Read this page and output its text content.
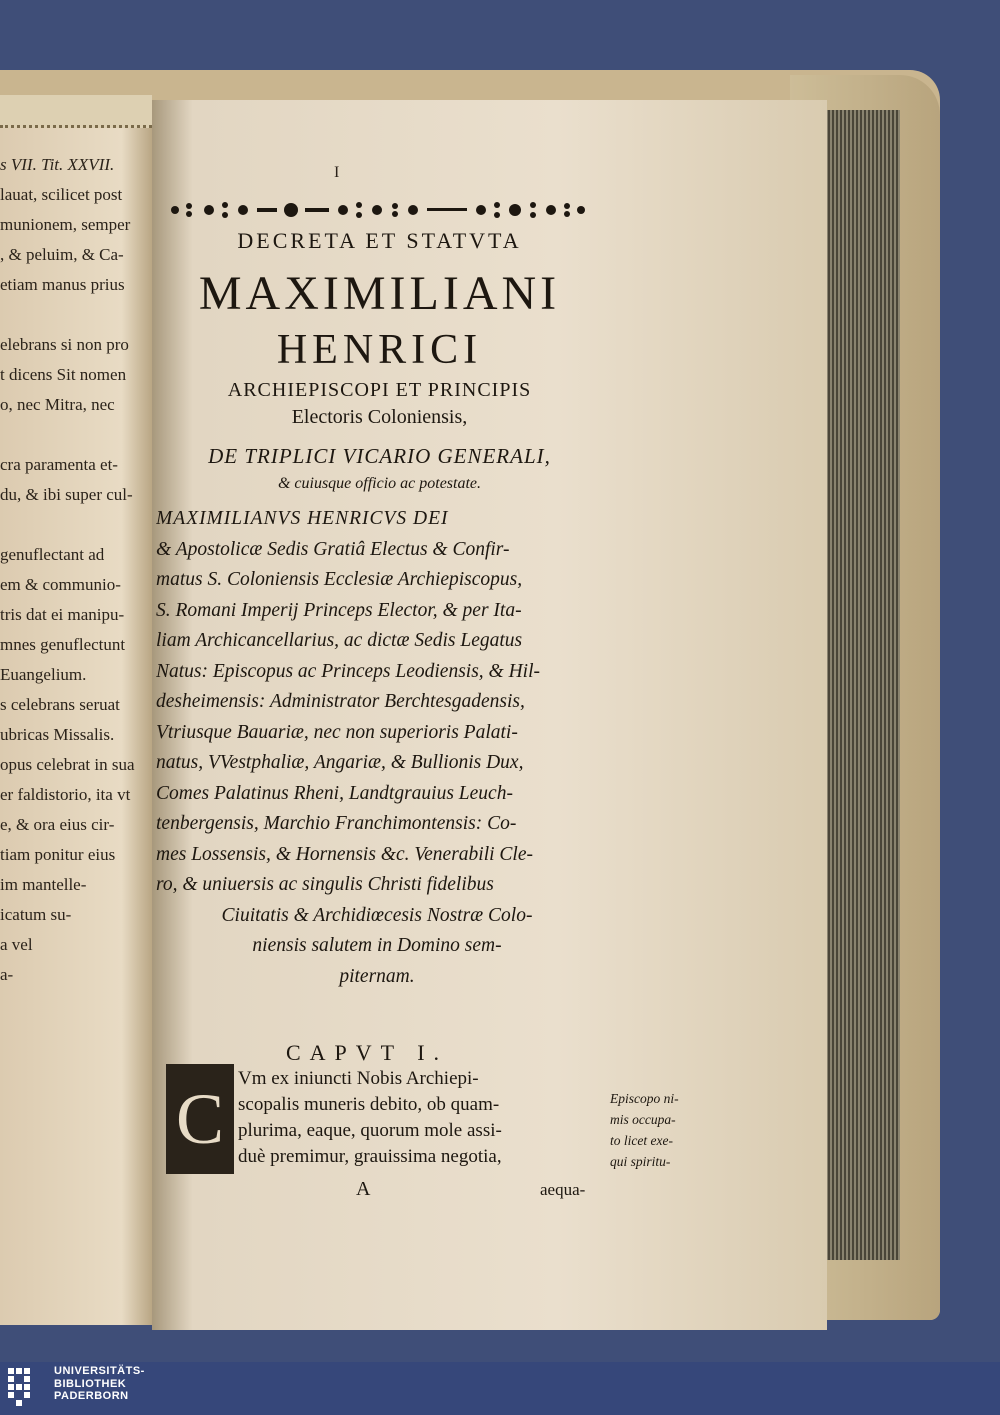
s VII. Tit. XXVII.
lauat, scilicet post
munionem, semper
, & peluim, & Ca-
etiam manus prius
elebrans si non pro
t dicens Sit nomen
o, nec Mitra, nec
cra paramenta et-
du, & ibi super cul-
genuflectant ad
em & communio-
tris dat ei manipu-
mnes genuflectunt
Euangelium.
s celebrans seruat
ubricas Missalis.
opus celebrat in sua
er faldistorio, ita vt
e, & ora eius cir-
tiam ponitur eius
im mantelle-
icatum su-
a vel
a-
I
DECRETA ET STATVTA
MAXIMILIANI
HENRICI
ARCHIEPISCOPI ET PRINCIPIS
Electoris Coloniensis,
DE TRIPLICI VICARIO GENERALI,
& cuiusque officio ac potestate.
MAXIMILIANVS HENRICVS DEI
& Apostolicæ Sedis Gratiâ Electus & Confir-
matus S. Coloniensis Ecclesiæ Archiepiscopus,
S. Romani Imperij Princeps Elector, & per Ita-
liam Archicancellarius, ac dictæ Sedis Legatus
Natus: Episcopus ac Princeps Leodiensis, & Hil-
desheimensis: Administrator Berchtesgadensis,
Vtriusque Bauariæ, nec non superioris Palati-
natus, VVestphaliæ, Angariæ, & Bullionis Dux,
Comes Palatinus Rheni, Landtgrauius Leuch-
tenbergensis, Marchio Franchimontensis: Co-
mes Lossensis, & Hornensis &c. Venerabili Cle-
ro, & uniuersis ac singulis Christi fidelibus
Ciuitatis & Archidiœcesis Nostræ Colo-
niensis salutem in Domino sem-
piternam.
CAPVT I.
C
Vm ex iniuncti Nobis Archiepi-
scopalis muneris debito, ob quam-
plurima, eaque, quorum mole assi-
duè premimur, grauissima negotia,
A	aequa-
Episcopo ni-
mis occupa-
to licet exe-
qui spiritu-
UNIVERSITÄTS-
BIBLIOTHEK
PADERBORN
